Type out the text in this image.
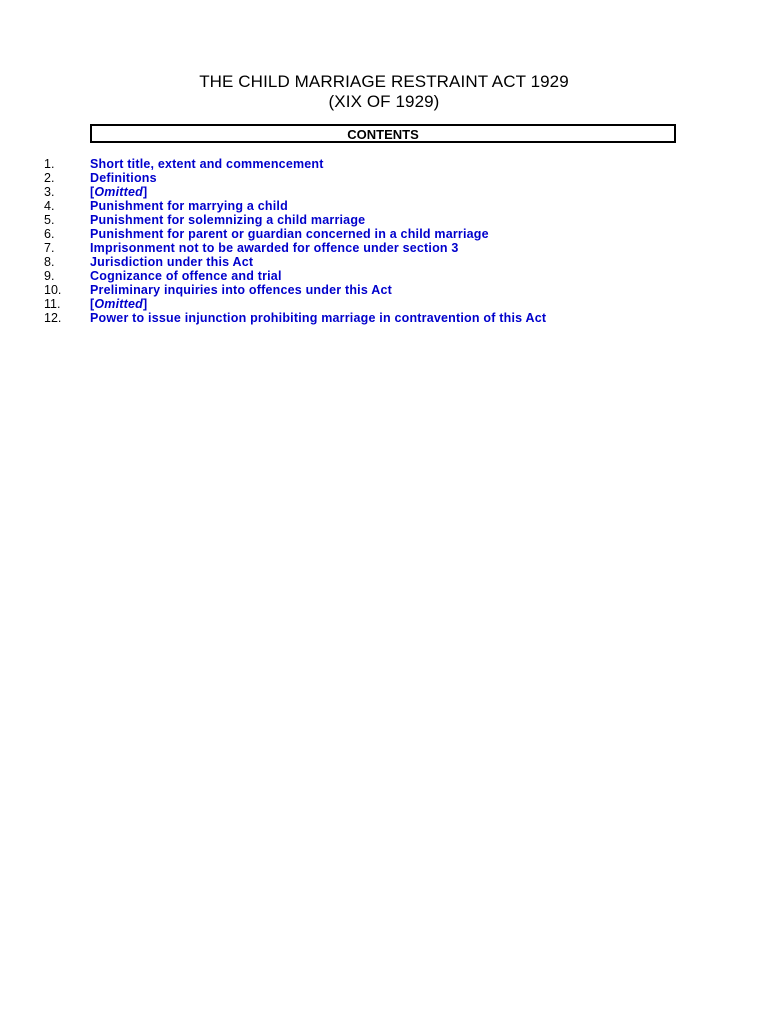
THE CHILD MARRIAGE RESTRAINT ACT 1929
(XIX OF 1929)
CONTENTS
1.	Short title, extent and commencement
2.	Definitions
3.	[Omitted]
4.	Punishment for marrying a child
5.	Punishment for solemnizing a child marriage
6.	Punishment for parent or guardian concerned in a child marriage
7.	Imprisonment not to be awarded for offence under section 3
8.	Jurisdiction under this Act
9.	Cognizance of offence and trial
10. Preliminary inquiries into offences under this Act
11. [Omitted]
12. Power to issue injunction prohibiting marriage in contravention of this Act
